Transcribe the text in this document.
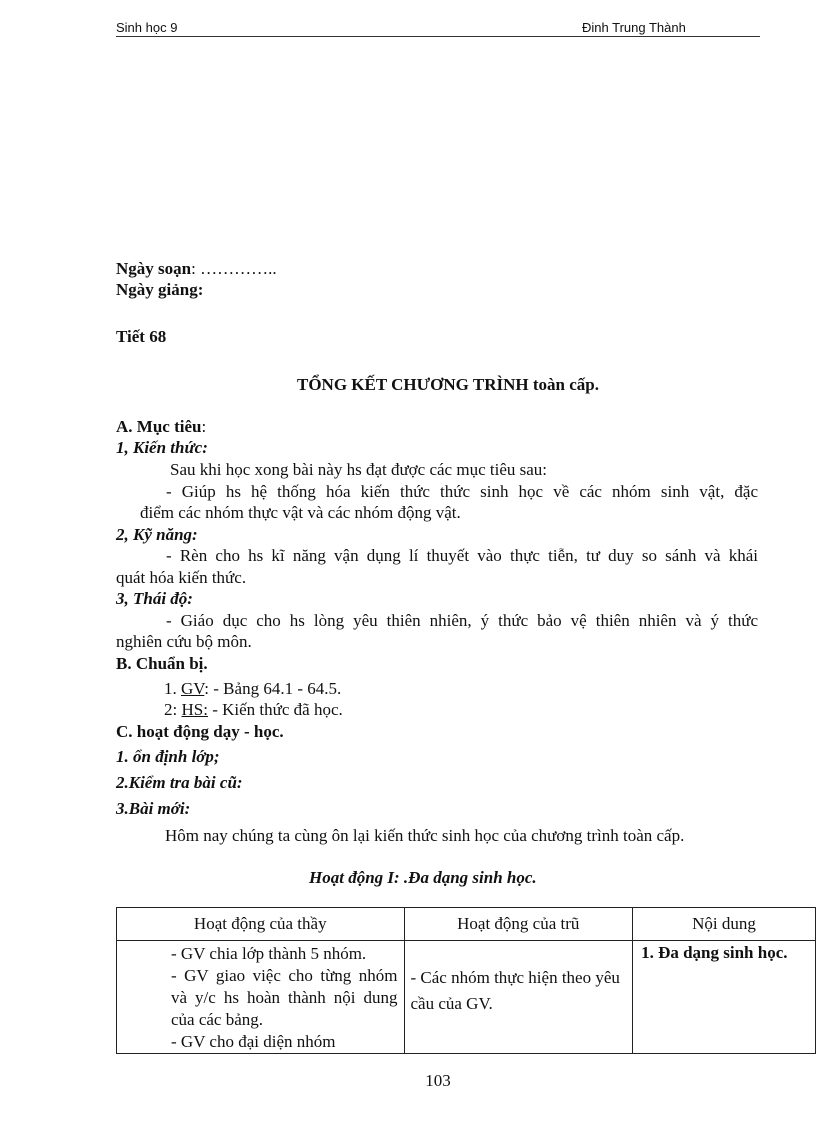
Sinh học 9	Đinh Trung Thành
Ngày soạn: …………..
Ngày giảng:
Tiết 68
TỔNG KẾT CHƯƠNG TRÌNH toàn cấp.
A. Mục tiêu:
1, Kiến thức:
Sau khi học xong bài này hs đạt được các mục tiêu sau:
- Giúp hs hệ thống hóa kiến thức thức sinh học về các nhóm sinh vật, đặc
điểm các nhóm thực vật và các nhóm động vật.
2, Kỹ năng:
- Rèn cho hs kĩ năng vận dụng lí thuyết vào thực tiễn, tư duy so sánh và khái
quát hóa kiến thức.
3, Thái độ:
- Giáo dục cho hs lòng yêu thiên nhiên, ý thức bảo vệ thiên nhiên và ý thức
nghiên cứu bộ môn.
B. Chuẩn bị.
1. GV: - Bảng 64.1 - 64.5.
2: HS: - Kiến thức đã học.
C. hoạt động dạy - học.
1. ổn định lớp;
2.Kiểm tra bài cũ:
3.Bài mới:
Hôm nay chúng ta cùng ôn lại kiến thức sinh học của chương trình toàn cấp.
Hoạt động I: .Đa dạng sinh học.
Hoạt động của thầy	Hoạt động của trũ	Nội dung

- GV chia lớp thành 5 nhóm.
- GV giao việc cho từng nhóm và y/c hs hoàn thành nội dung của các bảng.
- GV cho đại diện nhóm	- Các nhóm thực hiện theo yêu cầu của GV.	1. Đa dạng sinh học.
103
